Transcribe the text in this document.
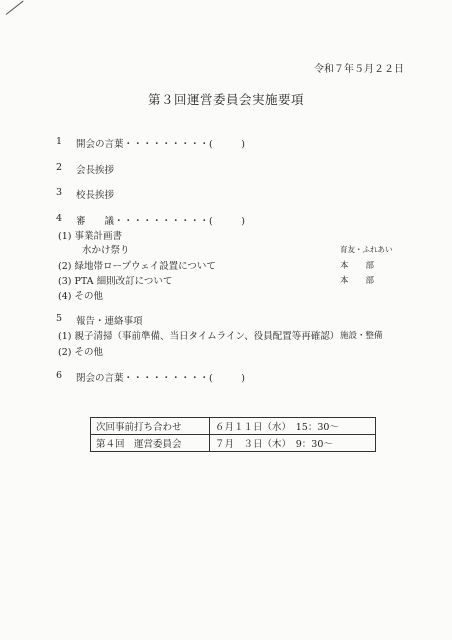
令和７年５月２２日
第３回運営委員会実施要項
1 開会の言葉・・・・・・・・・(　　　)
2 会長挨拶
3 校長挨拶
4 審　　議・・・・・・・・・・(　　　)
(1) 事業計画書
水かけ祭り	育友・ふれあい
(2) 緑地帯ロープウェイ設置について	本　　部
(3) PTA 細則改訂について	本　　部
(4) その他
5 報告・連絡事項
(1) 親子清掃（事前準備、当日タイムライン、役員配置等再確認） 施設・整備
(2) その他
6 閉会の言葉・・・・・・・・・(　　　)
次回事前打ち合わせ	６月１１日（水）　15：30～
第４回　運営委員会	７月　３日（木）　9：30～
